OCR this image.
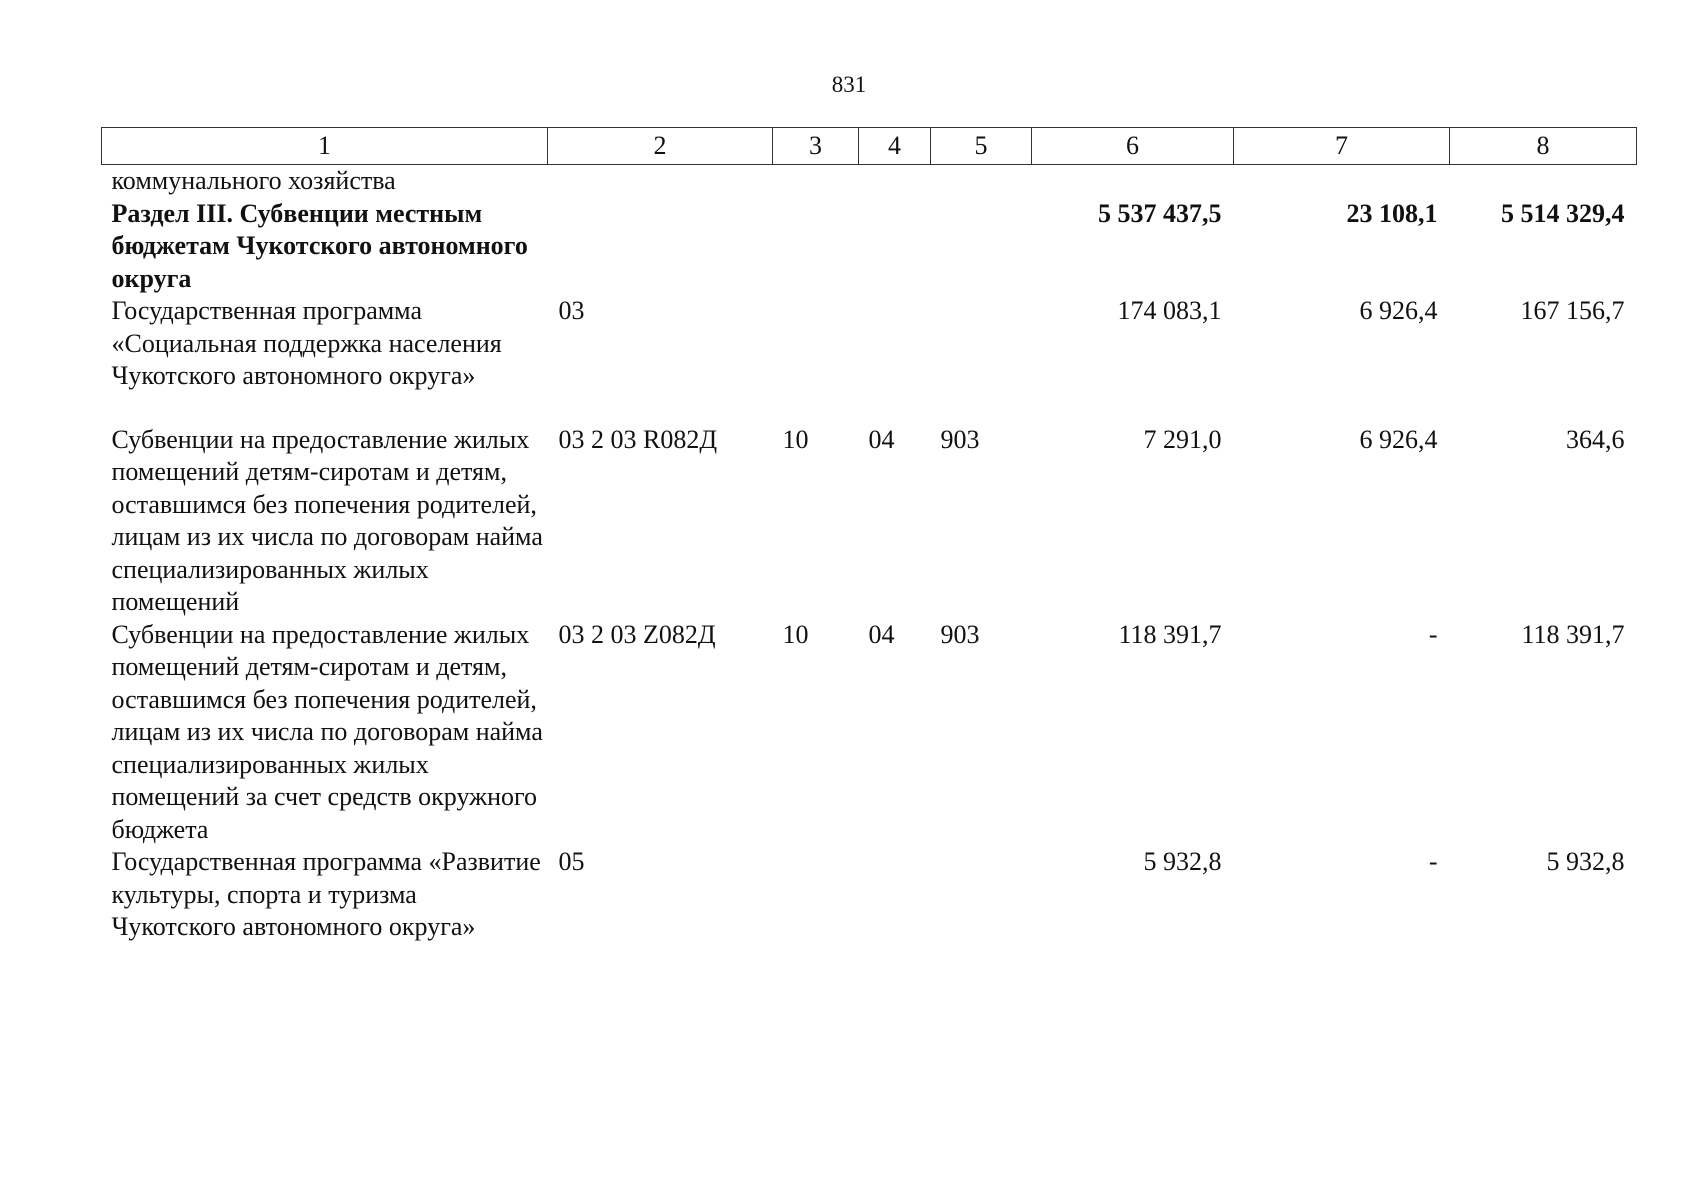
831
1	2	3	4	5	6	7	8
коммунального хозяйства							
Раздел III. Субвенции местным бюджетам Чукотского автономного округа					5 537 437,5	23 108,1	5 514 329,4
Государственная программа «Социальная поддержка населения Чукотского автономного округа»	03				174 083,1	6 926,4	167 156,7
Субвенции на предоставление жилых помещений детям-сиротам и детям, оставшимся без попечения родителей, лицам из их числа по договорам найма специализированных жилых помещений	03 2 03 R082Д	10	04	903	7 291,0	6 926,4	364,6
Субвенции на предоставление жилых помещений детям-сиротам и детям, оставшимся без попечения родителей, лицам из их числа по договорам найма специализированных жилых помещений за счет средств окружного бюджета	03 2 03 Z082Д	10	04	903	118 391,7	-	118 391,7
Государственная программа «Развитие культуры, спорта и туризма Чукотского автономного округа»	05				5 932,8	-	5 932,8
